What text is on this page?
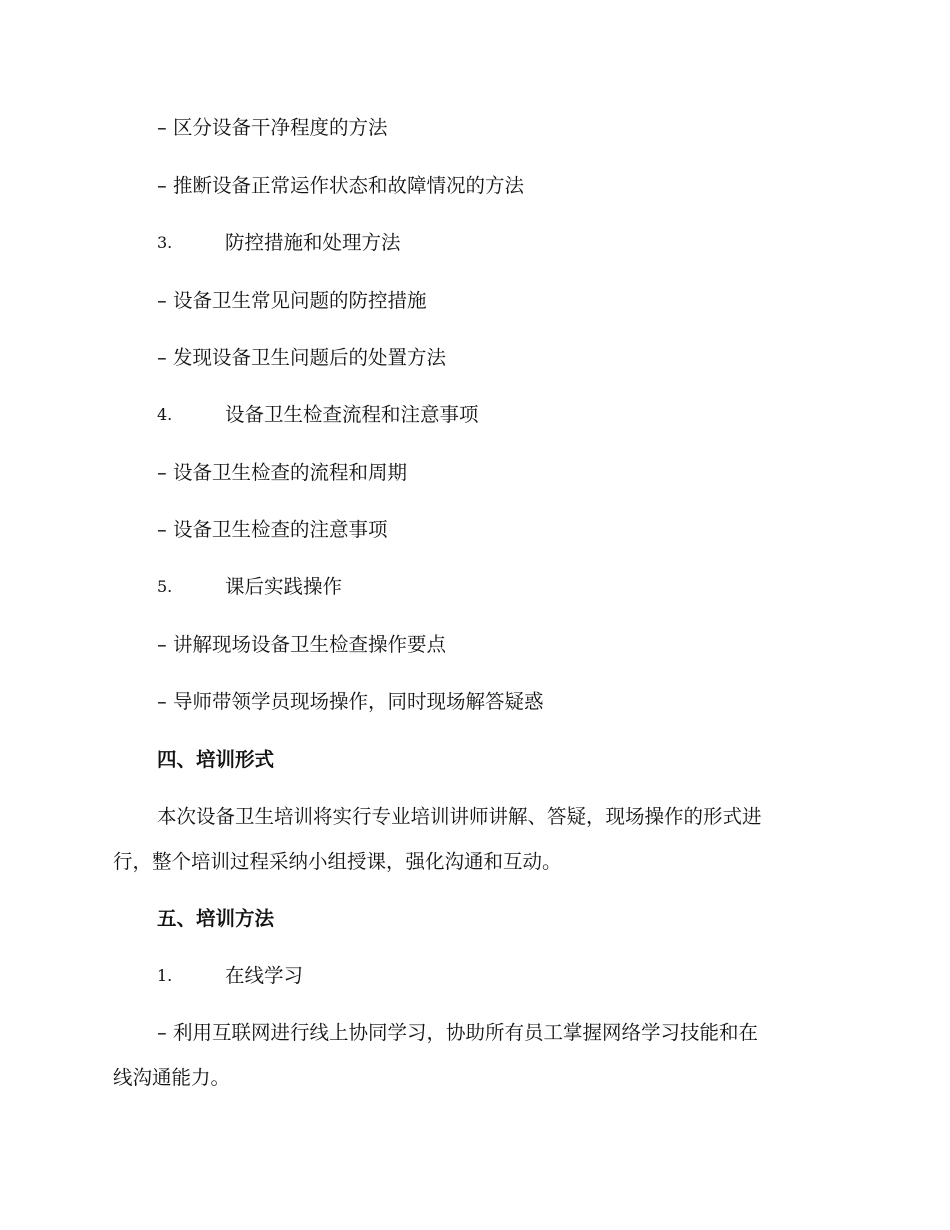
– 区分设备干净程度的方法
– 推断设备正常运作状态和故障情况的方法
3.	防控措施和处理方法
– 设备卫生常见问题的防控措施
– 发现设备卫生问题后的处置方法
4.	设备卫生检查流程和注意事项
– 设备卫生检查的流程和周期
– 设备卫生检查的注意事项
5.	课后实践操作
– 讲解现场设备卫生检查操作要点
– 导师带领学员现场操作，同时现场解答疑惑
四、培训形式
本次设备卫生培训将实行专业培训讲师讲解、答疑，现场操作的形式进
行，整个培训过程采纳小组授课，强化沟通和互动。
五、培训方法
1.	在线学习
– 利用互联网进行线上协同学习，协助所有员工掌握网络学习技能和在
线沟通能力。
